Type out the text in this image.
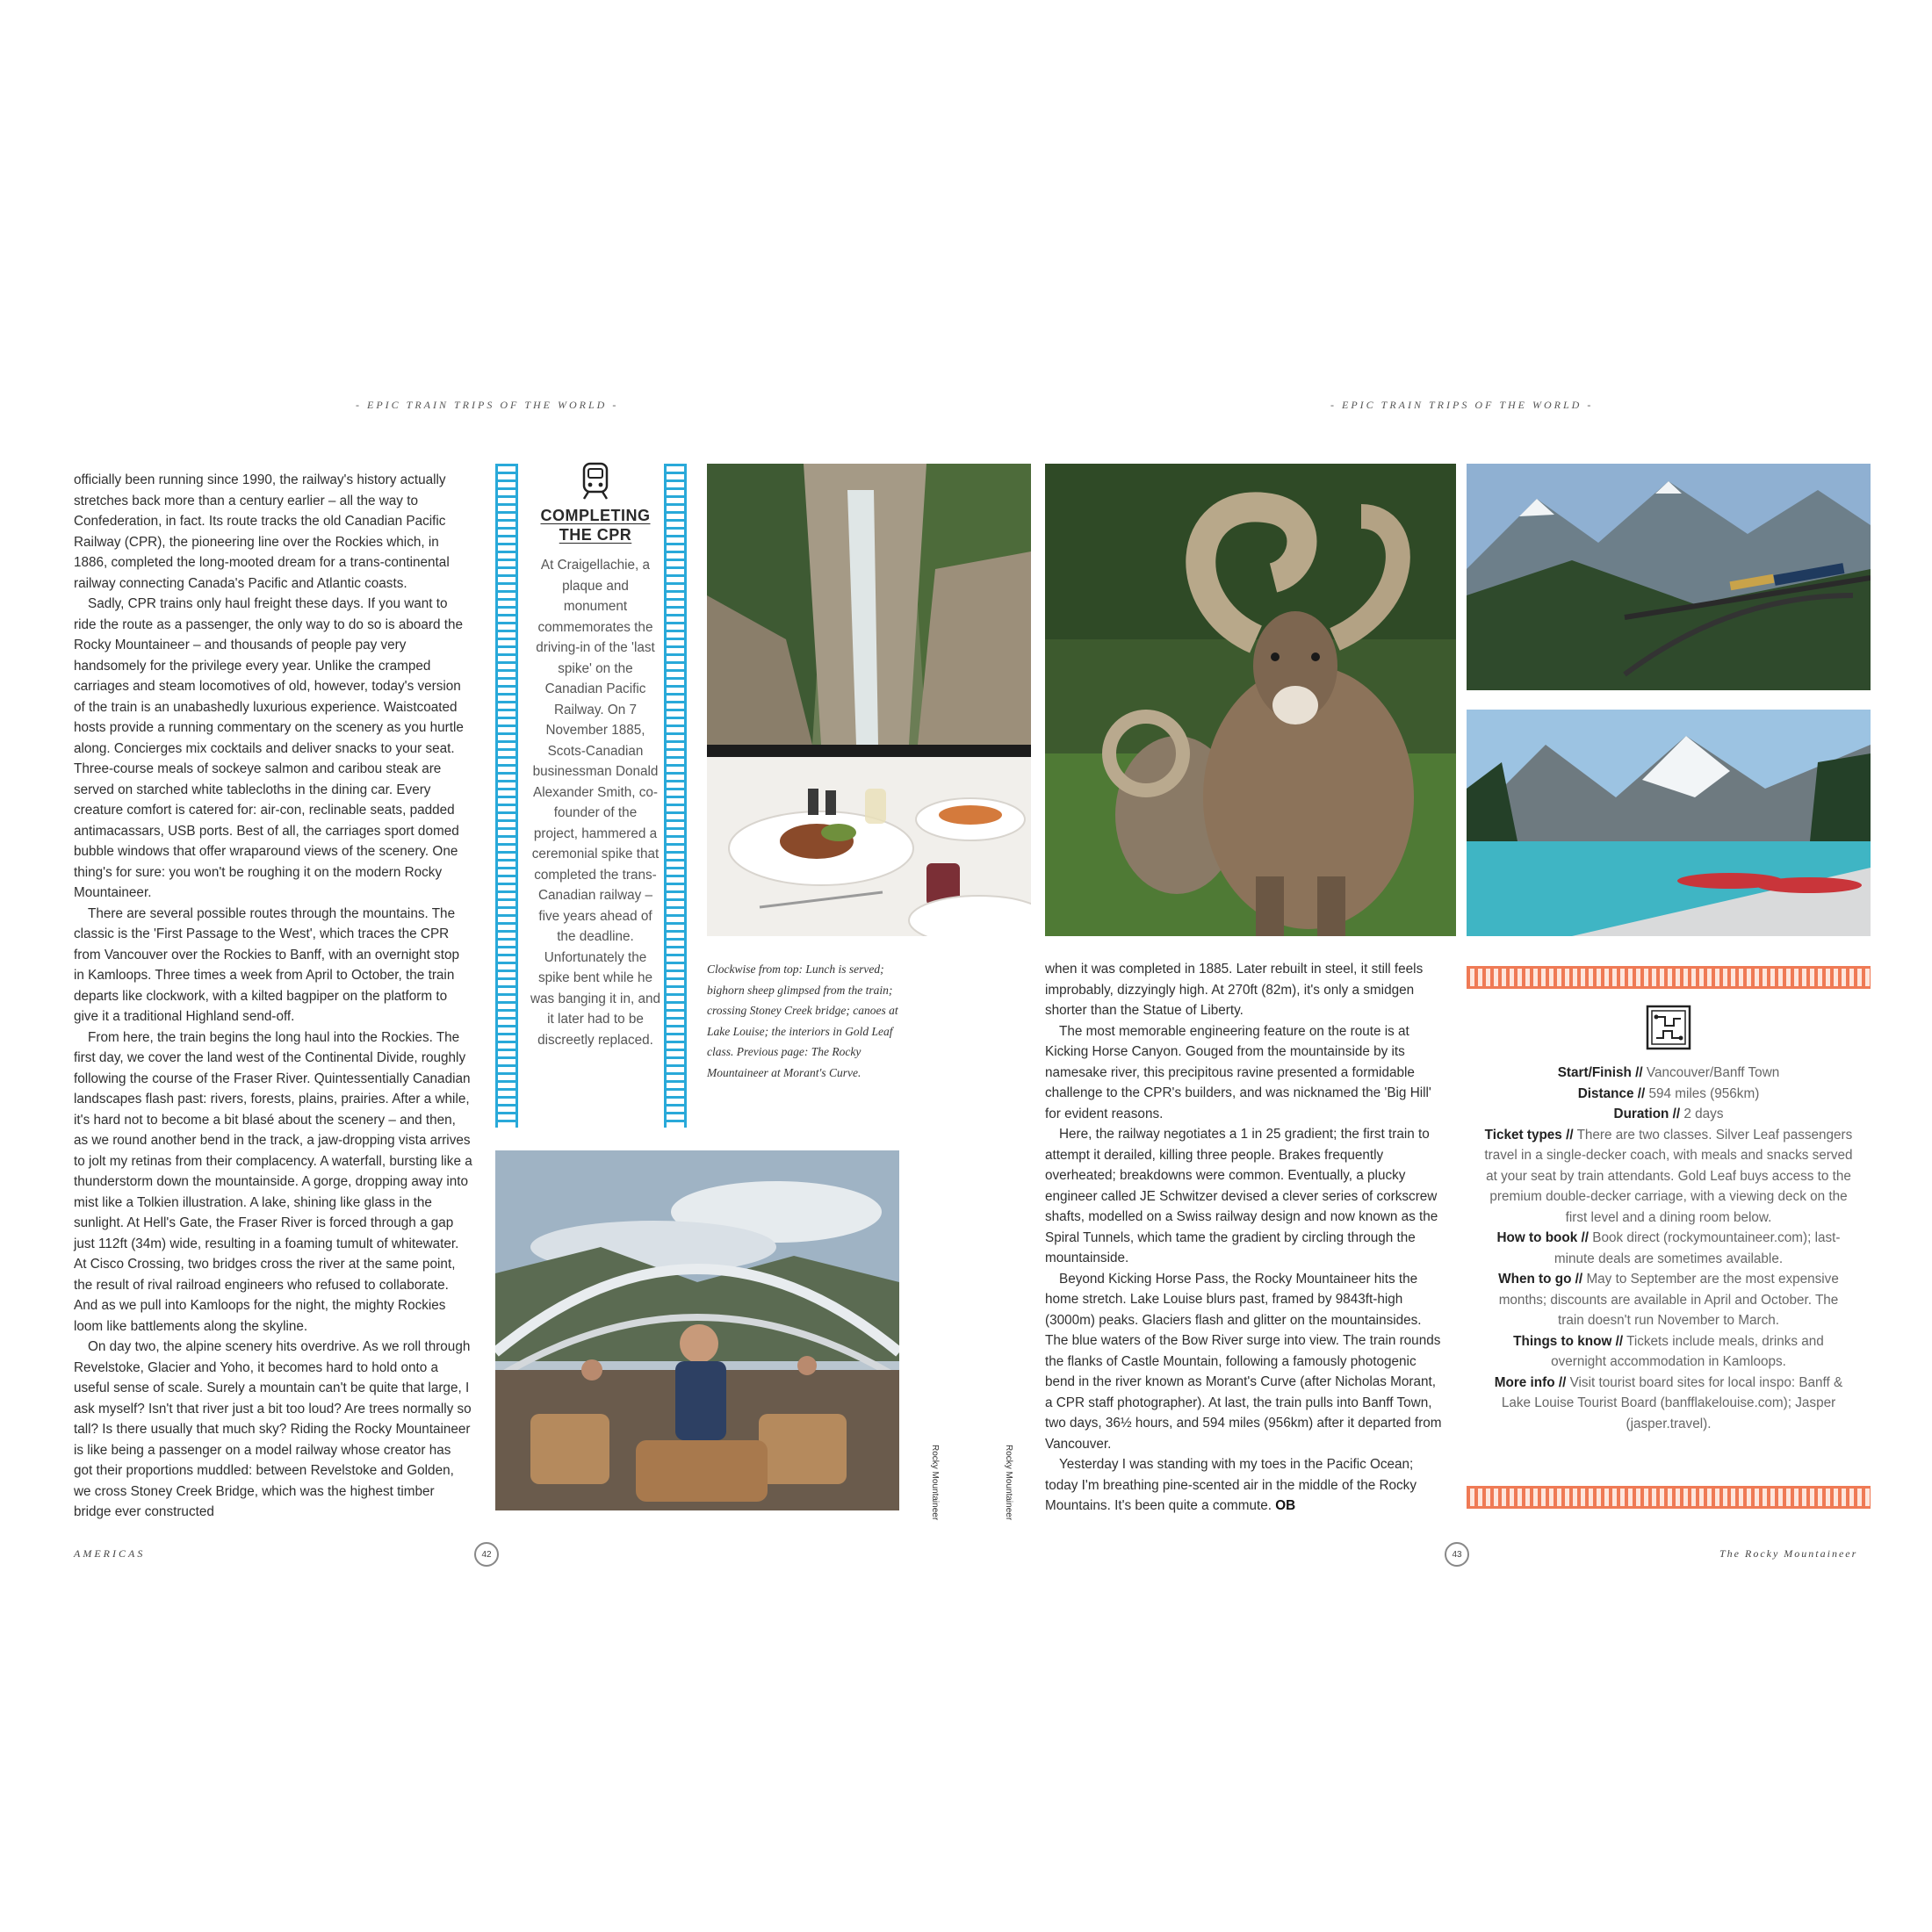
- EPIC TRAIN TRIPS OF THE WORLD -	- EPIC TRAIN TRIPS OF THE WORLD -

officially been running since 1990, the railway's history actually stretches back more than a century earlier – all the way to Confederation, in fact. Its route tracks the old Canadian Pacific Railway (CPR), the pioneering line over the Rockies which, in 1886, completed the long-mooted dream for a trans-continental railway connecting Canada's Pacific and Atlantic coasts.

Sadly, CPR trains only haul freight these days. If you want to ride the route as a passenger, the only way to do so is aboard the Rocky Mountaineer – and thousands of people pay very handsomely for the privilege every year. Unlike the cramped carriages and steam locomotives of old, however, today's version of the train is an unabashedly luxurious experience. Waistcoated hosts provide a running commentary on the scenery as you hurtle along. Concierges mix cocktails and deliver snacks to your seat. Three-course meals of sockeye salmon and caribou steak are served on starched white tablecloths in the dining car. Every creature comfort is catered for: air-con, reclinable seats, padded antimacassars, USB ports. Best of all, the carriages sport domed bubble windows that offer wraparound views of the scenery. One thing's for sure: you won't be roughing it on the modern Rocky Mountaineer.

There are several possible routes through the mountains. The classic is the 'First Passage to the West', which traces the CPR from Vancouver over the Rockies to Banff, with an overnight stop in Kamloops. Three times a week from April to October, the train departs like clockwork, with a kilted bagpiper on the platform to give it a traditional Highland send-off.

From here, the train begins the long haul into the Rockies. The first day, we cover the land west of the Continental Divide, roughly following the course of the Fraser River. Quintessentially Canadian landscapes flash past: rivers, forests, plains, prairies. After a while, it's hard not to become a bit blasé about the scenery – and then, as we round another bend in the track, a jaw-dropping vista arrives to jolt my retinas from their complacency. A waterfall, bursting like a thunderstorm down the mountainside. A gorge, dropping away into mist like a Tolkien illustration. A lake, shining like glass in the sunlight. At Hell's Gate, the Fraser River is forced through a gap just 112ft (34m) wide, resulting in a foaming tumult of whitewater. At Cisco Crossing, two bridges cross the river at the same point, the result of rival railroad engineers who refused to collaborate. And as we pull into Kamloops for the night, the mighty Rockies loom like battlements along the skyline.

On day two, the alpine scenery hits overdrive. As we roll through Revelstoke, Glacier and Yoho, it becomes hard to hold onto a useful sense of scale. Surely a mountain can't be quite that large, I ask myself? Isn't that river just a bit too loud? Are trees normally so tall? Is there usually that much sky? Riding the Rocky Mountaineer is like being a passenger on a model railway whose creator has got their proportions muddled: between Revelstoke and Golden, we cross Stoney Creek Bridge, which was the highest timber bridge ever constructed

COMPLETING
THE CPR
At Craigellachie, a plaque and monument commemorates the driving-in of the 'last spike' on the Canadian Pacific Railway. On 7 November 1885, Scots-Canadian businessman Donald Alexander Smith, co-founder of the project, hammered a ceremonial spike that completed the trans-Canadian railway – five years ahead of the deadline. Unfortunately the spike bent while he was banging it in, and it later had to be discreetly replaced.
Clockwise from top: Lunch is served; bighorn sheep glimpsed from the train; crossing Stoney Creek bridge; canoes at Lake Louise; the interiors in Gold Leaf class. Previous page: The Rocky Mountaineer at Morant's Curve.
Rocky Mountaineer	Rocky Mountaineer
AMERICAS	42

when it was completed in 1885. Later rebuilt in steel, it still feels improbably, dizzyingly high. At 270ft (82m), it's only a smidgen shorter than the Statue of Liberty.

The most memorable engineering feature on the route is at Kicking Horse Canyon. Gouged from the mountainside by its namesake river, this precipitous ravine presented a formidable challenge to the CPR's builders, and was nicknamed the 'Big Hill' for evident reasons.

Here, the railway negotiates a 1 in 25 gradient; the first train to attempt it derailed, killing three people. Brakes frequently overheated; breakdowns were common. Eventually, a plucky engineer called JE Schwitzer devised a clever series of corkscrew shafts, modelled on a Swiss railway design and now known as the Spiral Tunnels, which tame the gradient by circling through the mountainside.

Beyond Kicking Horse Pass, the Rocky Mountaineer hits the home stretch. Lake Louise blurs past, framed by 9843ft-high (3000m) peaks. Glaciers flash and glitter on the mountainsides. The blue waters of the Bow River surge into view. The train rounds the flanks of Castle Mountain, following a famously photogenic bend in the river known as Morant's Curve (after Nicholas Morant, a CPR staff photographer). At last, the train pulls into Banff Town, two days, 36½ hours, and 594 miles (956km) after it departed from Vancouver.

Yesterday I was standing with my toes in the Pacific Ocean; today I'm breathing pine-scented air in the middle of the Rocky Mountains. It's been quite a commute. OB

Start/Finish // Vancouver/Banff Town
Distance // 594 miles (956km)
Duration // 2 days
Ticket types // There are two classes. Silver Leaf passengers travel in a single-decker coach, with meals and snacks served at your seat by train attendants. Gold Leaf buys access to the premium double-decker carriage, with a viewing deck on the first level and a dining room below.
How to book // Book direct (rockymountaineer.com); last-minute deals are sometimes available.
When to go // May to September are the most expensive months; discounts are available in April and October. The train doesn't run November to March.
Things to know // Tickets include meals, drinks and overnight accommodation in Kamloops.
More info // Visit tourist board sites for local inspo: Banff & Lake Louise Tourist Board (banfflakelouise.com); Jasper (jasper.travel).
43	The Rocky Mountaineer
